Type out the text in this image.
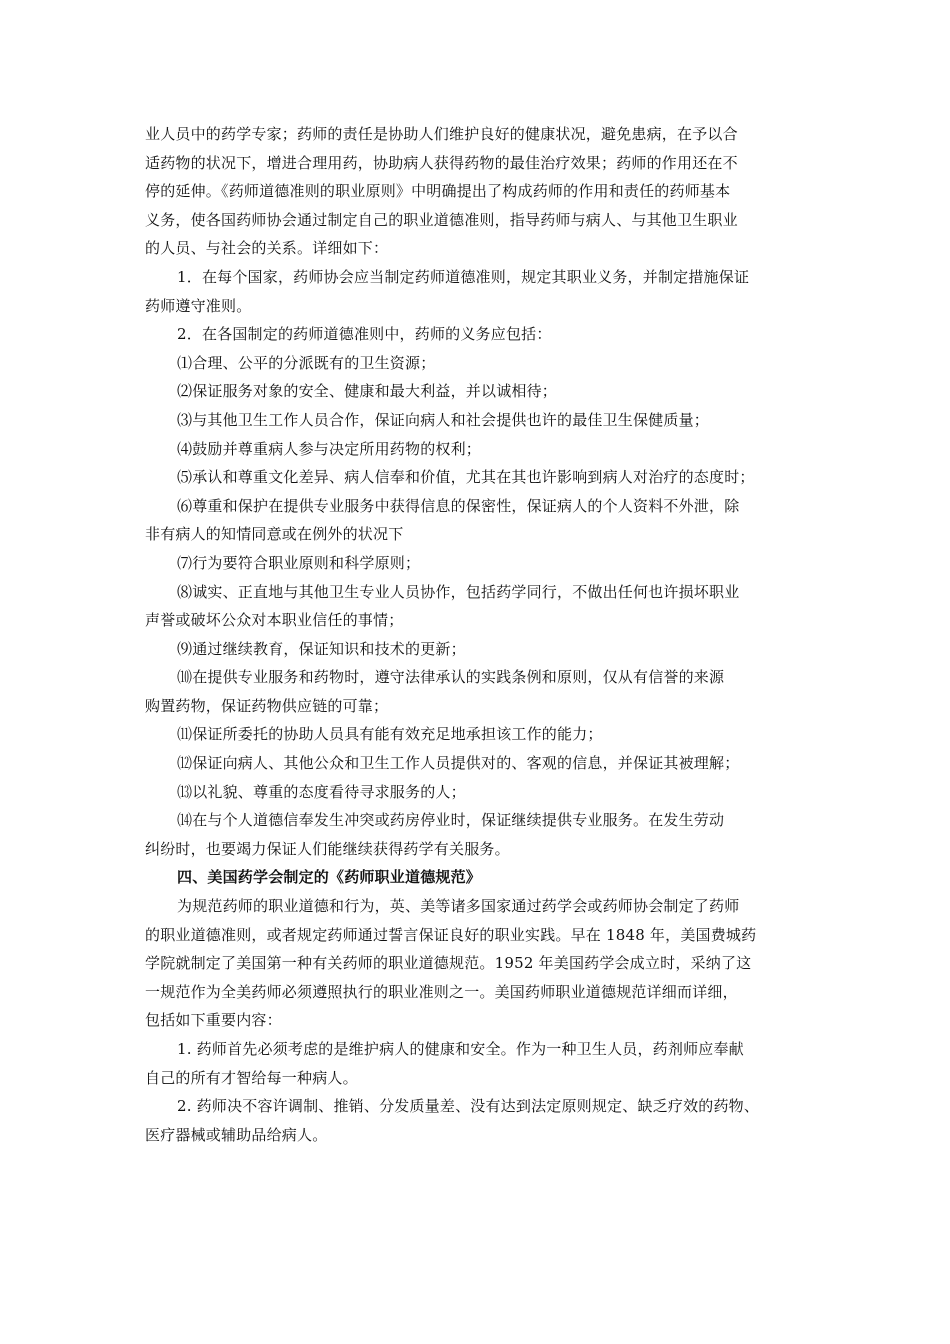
业人员中的药学专家；药师的责任是协助人们维护良好的健康状况，避免患病，在予以合
适药物的状况下，增进合理用药，协助病人获得药物的最佳治疗效果；药师的作用还在不
停的延伸。《药师道德准则的职业原则》中明确提出了构成药师的作用和责任的药师基本
义务，使各国药师协会通过制定自己的职业道德准则，指导药师与病人、与其他卫生职业
的人员、与社会的关系。详细如下：
1．在每个国家，药师协会应当制定药师道德准则，规定其职业义务，并制定措施保证
药师遵守准则。
2．在各国制定的药师道德准则中，药师的义务应包括：
⑴合理、公平的分派既有的卫生资源；
⑵保证服务对象的安全、健康和最大利益，并以诚相待；
⑶与其他卫生工作人员合作，保证向病人和社会提供也许的最佳卫生保健质量；
⑷鼓励并尊重病人参与决定所用药物的权利；
⑸承认和尊重文化差异、病人信奉和价值，尤其在其也许影响到病人对治疗的态度时；
⑹尊重和保护在提供专业服务中获得信息的保密性，保证病人的个人资料不外泄，除
非有病人的知情同意或在例外的状况下
⑺行为要符合职业原则和科学原则；
⑻诚实、正直地与其他卫生专业人员协作，包括药学同行，不做出任何也许损坏职业
声誉或破坏公众对本职业信任的事情；
⑼通过继续教育，保证知识和技术的更新；
⑽在提供专业服务和药物时，遵守法律承认的实践条例和原则，仅从有信誉的来源
购置药物，保证药物供应链的可靠；
⑾保证所委托的协助人员具有能有效充足地承担该工作的能力；
⑿保证向病人、其他公众和卫生工作人员提供对的、客观的信息，并保证其被理解；
⒀以礼貌、尊重的态度看待寻求服务的人；
⒁在与个人道德信奉发生冲突或药房停业时，保证继续提供专业服务。在发生劳动
纠纷时，也要竭力保证人们能继续获得药学有关服务。
四、美国药学会制定的《药师职业道德规范》
为规范药师的职业道德和行为，英、美等诸多国家通过药学会或药师协会制定了药师
的职业道德准则，或者规定药师通过誓言保证良好的职业实践。早在 1848 年，美国费城药
学院就制定了美国第一种有关药师的职业道德规范。1952 年美国药学会成立时，采纳了这
一规范作为全美药师必须遵照执行的职业准则之一。美国药师职业道德规范详细而详细，
包括如下重要内容：
1. 药师首先必须考虑的是维护病人的健康和安全。作为一种卫生人员，药剂师应奉献
自己的所有才智给每一种病人。
2. 药师决不容许调制、推销、分发质量差、没有达到法定原则规定、缺乏疗效的药物、
医疗器械或辅助品给病人。
